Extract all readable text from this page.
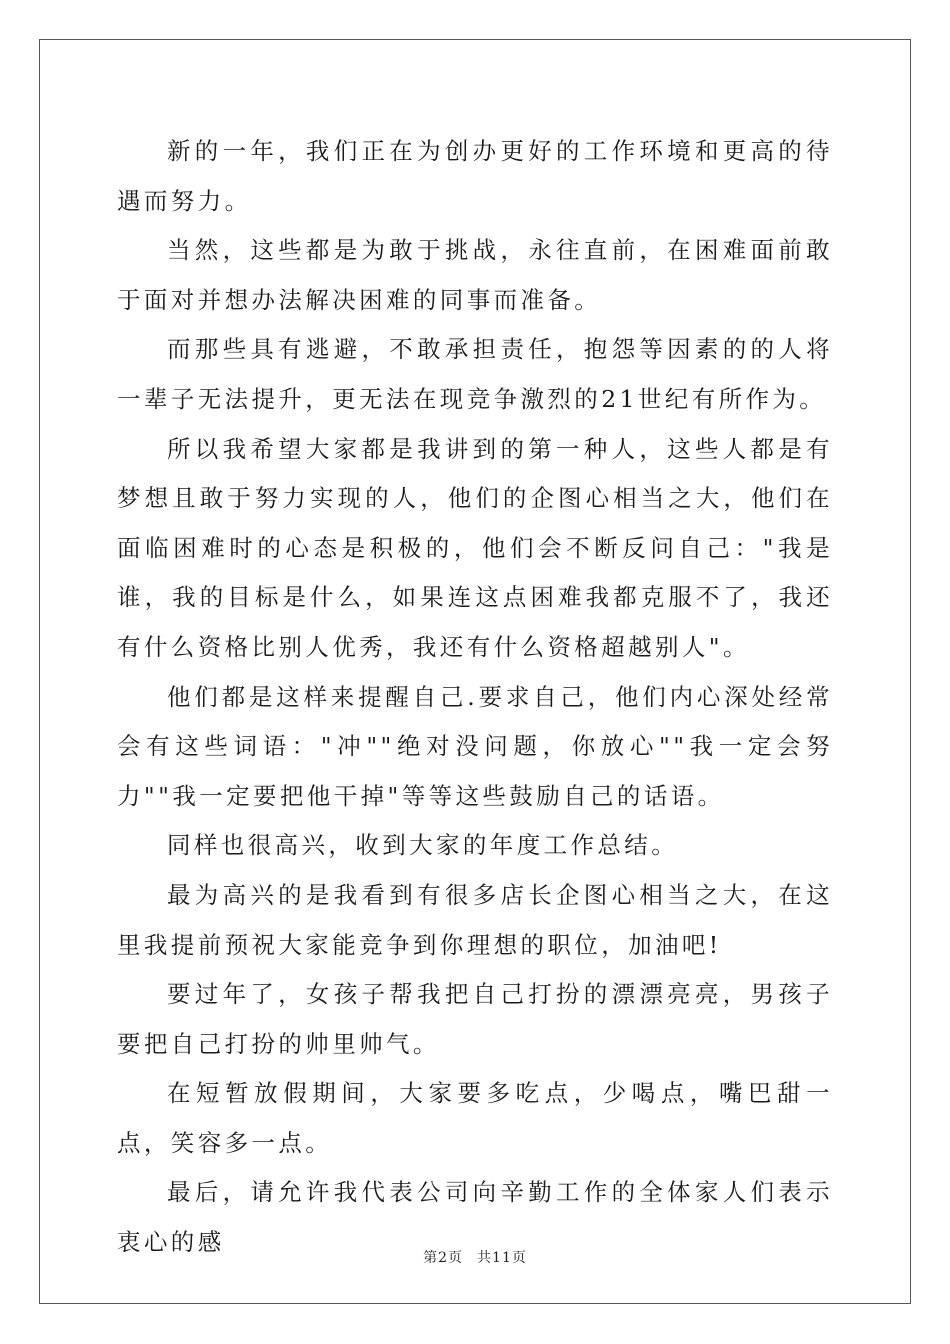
新的一年，我们正在为创办更好的工作环境和更高的待遇而努力。

当然，这些都是为敢于挑战，永往直前，在困难面前敢于面对并想办法解决困难的同事而准备。

而那些具有逃避，不敢承担责任，抱怨等因素的的人将一辈子无法提升，更无法在现竞争激烈的21世纪有所作为。

所以我希望大家都是我讲到的第一种人，这些人都是有梦想且敢于努力实现的人，他们的企图心相当之大，他们在面临困难时的心态是积极的，他们会不断反问自己："我是谁，我的目标是什么，如果连这点困难我都克服不了，我还有什么资格比别人优秀，我还有什么资格超越别人"。

他们都是这样来提醒自己.要求自己，他们内心深处经常会有这些词语："冲""绝对没问题，你放心""我一定会努力""我一定要把他干掉"等等这些鼓励自己的话语。

同样也很高兴，收到大家的年度工作总结。

最为高兴的是我看到有很多店长企图心相当之大，在这里我提前预祝大家能竞争到你理想的职位，加油吧!

要过年了，女孩子帮我把自己打扮的漂漂亮亮，男孩子要把自己打扮的帅里帅气。

在短暂放假期间，大家要多吃点，少喝点，嘴巴甜一点，笑容多一点。

最后，请允许我代表公司向辛勤工作的全体家人们表示衷心的感

第2页 共11页
